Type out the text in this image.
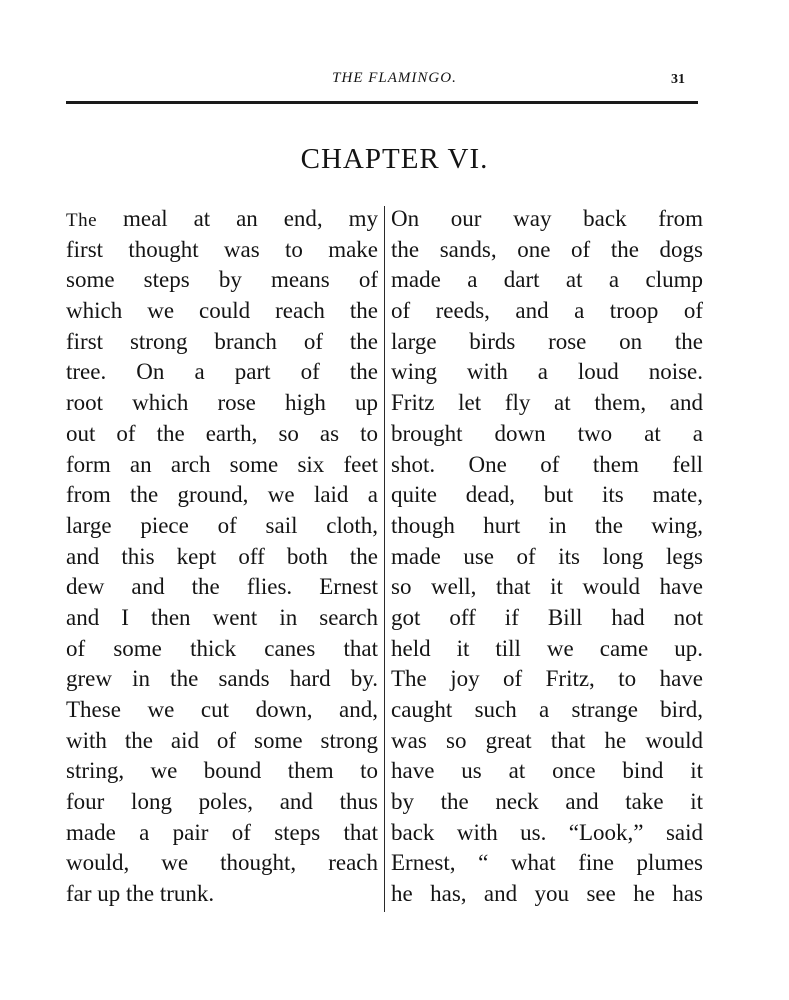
THE FLAMINGO.	31
CHAPTER VI.
The meal at an end, my
first thought was to make
some steps by means of
which we could reach the
first strong branch of the
tree. On a part of the
root which rose high up
out of the earth, so as to
form an arch some six feet
from the ground, we laid a
large piece of sail cloth,
and this kept off both the
dew and the flies. Ernest
and I then went in search
of some thick canes that
grew in the sands hard by.
These we cut down, and,
with the aid of some strong
string, we bound them to
four long poles, and thus
made a pair of steps that
would, we thought, reach
far up the trunk.
On our way back from
the sands, one of the dogs
made a dart at a clump
of reeds, and a troop of
large birds rose on the
wing with a loud noise.
Fritz let fly at them, and
brought down two at a
shot. One of them fell
quite dead, but its mate,
though hurt in the wing,
made use of its long legs
so well, that it would have
got off if Bill had not
held it till we came up.
The joy of Fritz, to have
caught such a strange bird,
was so great that he would
have us at once bind it
by the neck and take it
back with us. “Look,” said
Ernest, “ what fine plumes
he has, and you see he has
